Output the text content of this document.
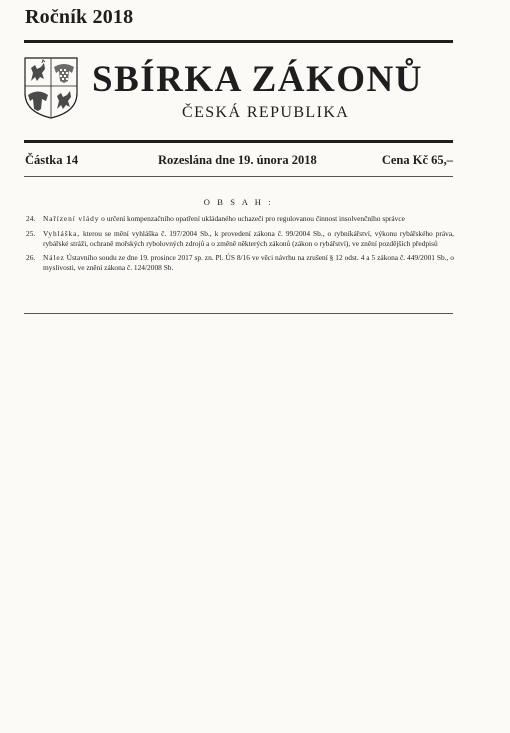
Ročník 2018
SBÍRKA ZÁKONŮ
ČESKÁ REPUBLIKA
Částka 14	Rozeslána dne 19. února 2018	Cena Kč 65,–
O B S A H :
24.	Nařízení vlády o určení kompenzačního opatření ukládaného uchazeči pro regulovanou činnost insolvenčního správce
25.	Vyhláška, kterou se mění vyhláška č. 197/2004 Sb., k provedení zákona č. 99/2004 Sb., o rybníkářství, výkonu rybářského práva, rybářské stráži, ochraně mořských rybolovných zdrojů a o změně některých zákonů (zákon o rybářství), ve znění pozdějších předpisů
26.	Nález Ústavního soudu ze dne 19. prosince 2017 sp. zn. Pl. ÚS 8/16 ve věci návrhu na zrušení § 12 odst. 4 a 5 zákona č. 449/2001 Sb., o myslivosti, ve znění zákona č. 124/2008 Sb.
